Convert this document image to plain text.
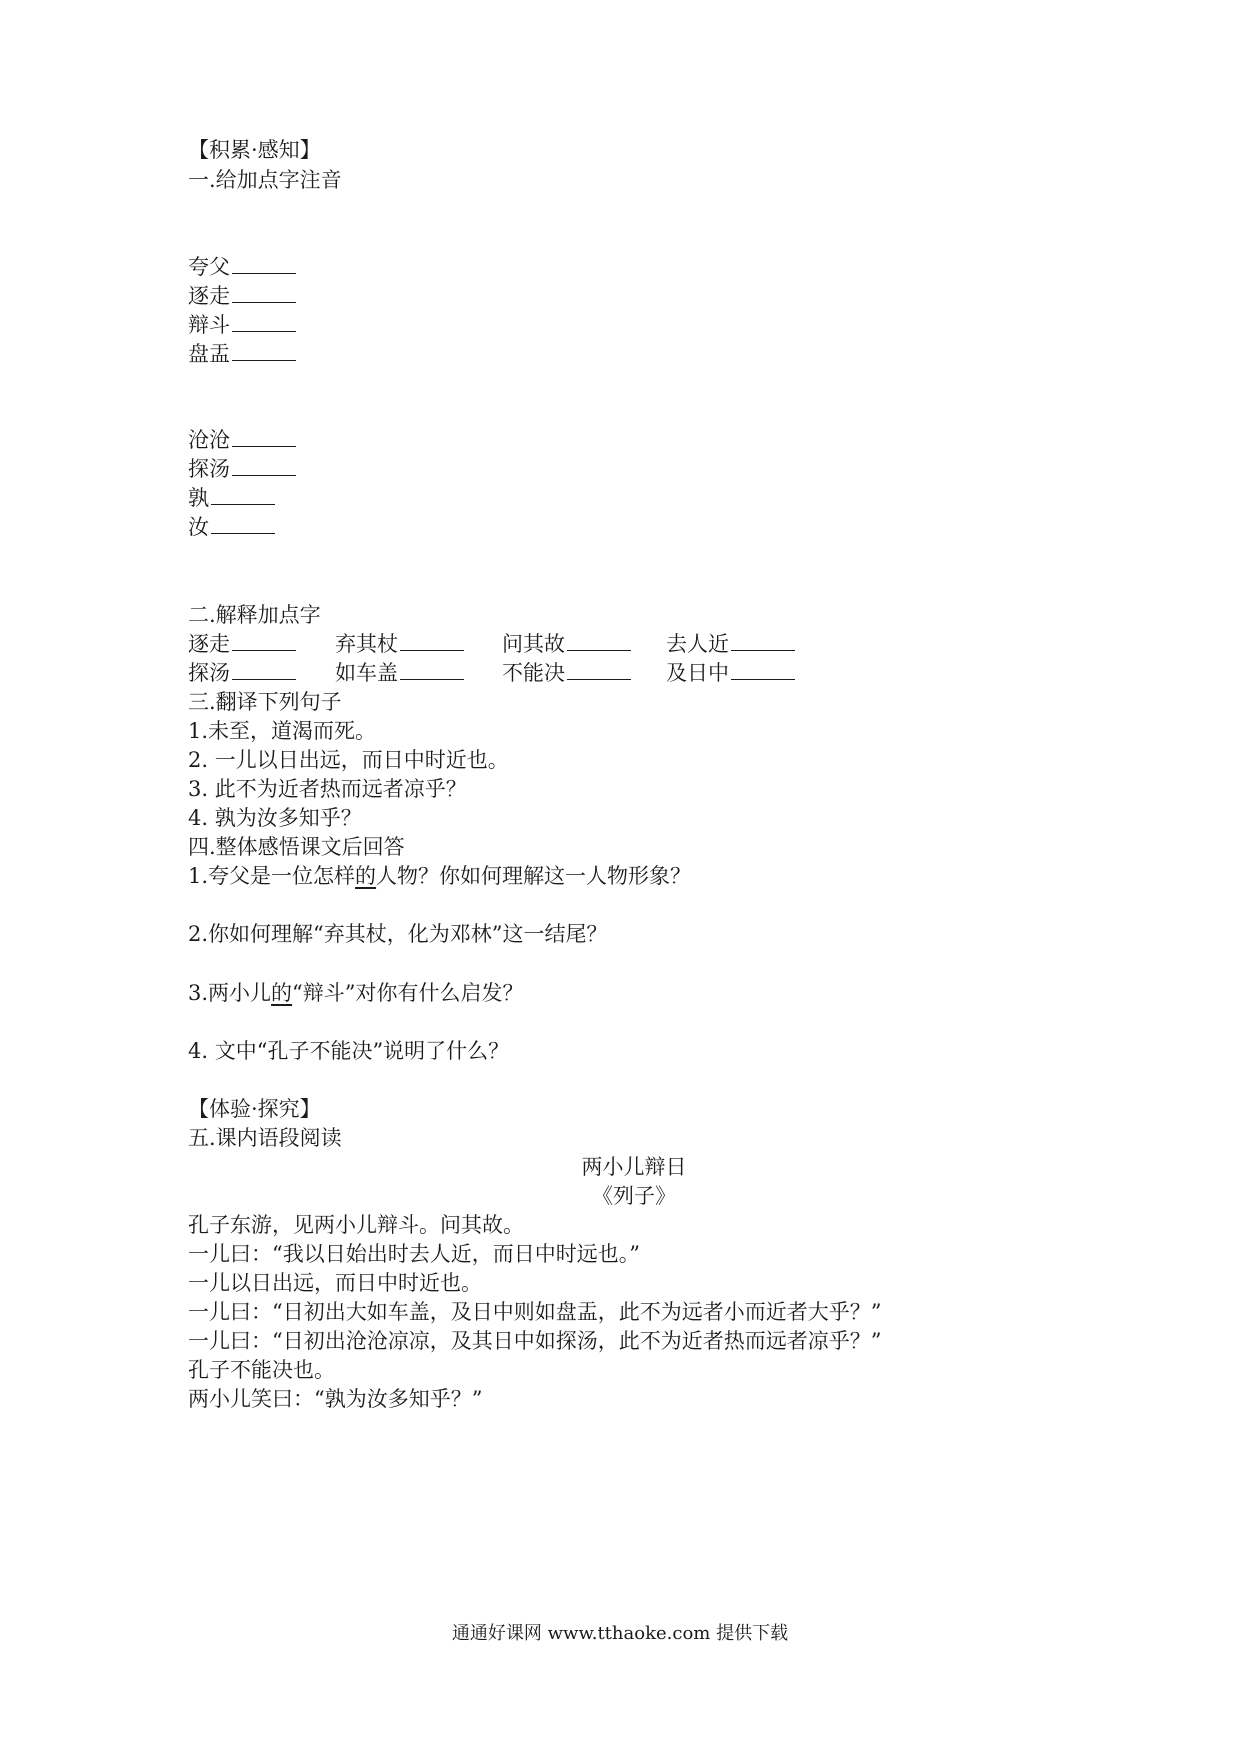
【积累·感知】
一.给加点字注音
夸父
逐走
辩斗
盘盂
沧沧
探汤
孰
汝
二.解释加点字
逐走	弃其杖	问其故	去人近
探汤	如车盖	不能决	及日中
三.翻译下列句子
1.未至，道渴而死。
2. 一儿以日出远，而日中时近也。
3. 此不为近者热而远者凉乎？
4. 孰为汝多知乎？
四.整体感悟课文后回答
1.夸父是一位怎样的人物？你如何理解这一人物形象？
2.你如何理解“弃其杖，化为邓林”这一结尾？
3.两小儿的“辩斗”对你有什么启发？
4. 文中“孔子不能决”说明了什么？
【体验·探究】
五.课内语段阅读
两小儿辩日
《列子》
孔子东游，见两小儿辩斗。问其故。
一儿曰：“我以日始出时去人近，而日中时远也。”
一儿以日出远，而日中时近也。
一儿曰：“日初出大如车盖，及日中则如盘盂，此不为远者小而近者大乎？”
一儿曰：“日初出沧沧凉凉，及其日中如探汤，此不为近者热而远者凉乎？”
孔子不能决也。
两小儿笑曰：“孰为汝多知乎？”
通通好课网 www.tthaoke.com 提供下载
